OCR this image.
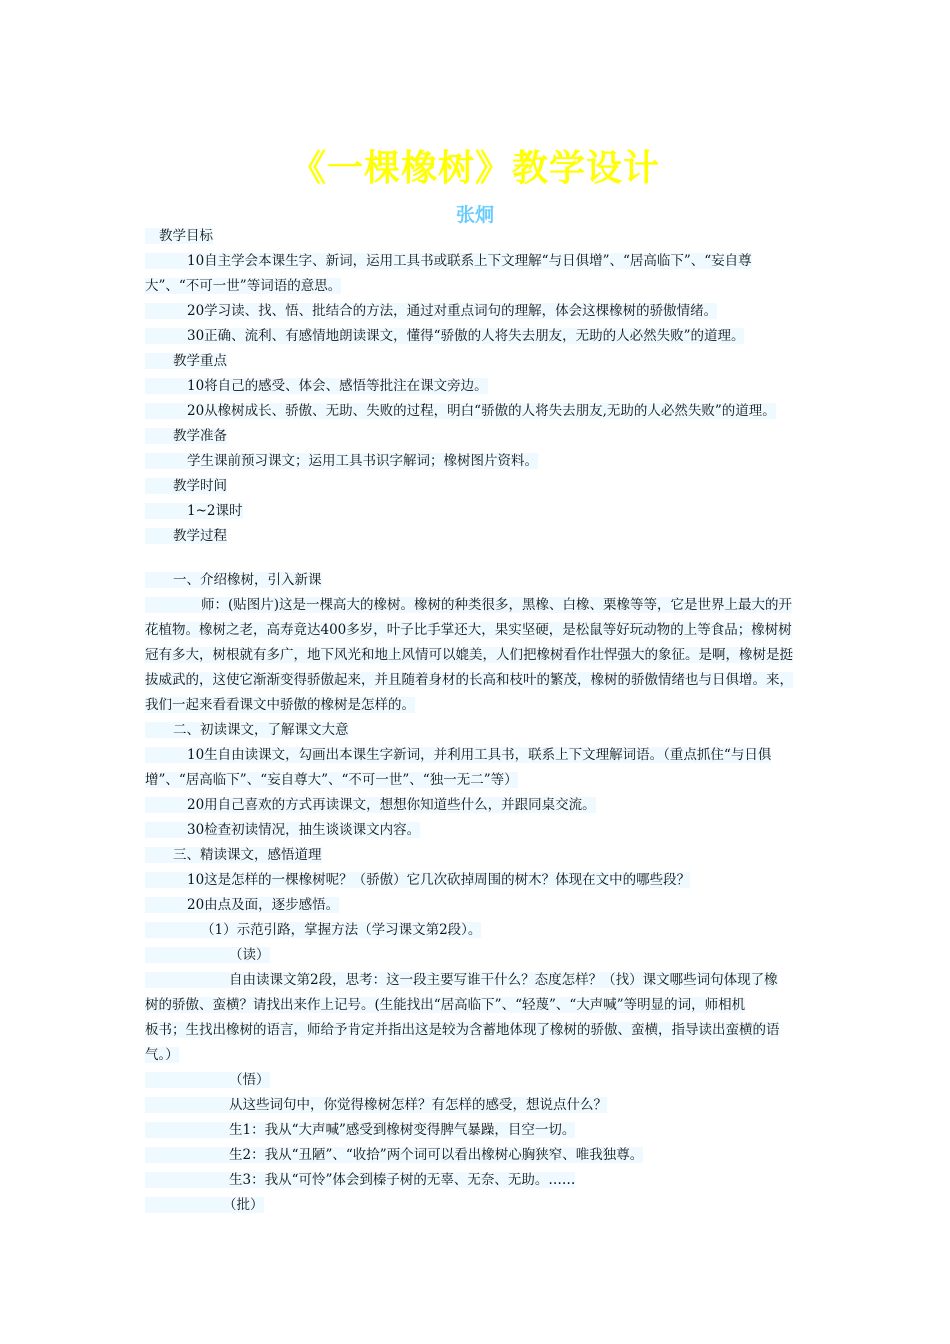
《一棵橡树》教学设计
张炯
教学目标
10自主学会本课生字、新词，运用工具书或联系上下文理解“与日俱增”、“居高临下”、“妄自尊
大”、“不可一世”等词语的意思。
20学习读、找、悟、批结合的方法，通过对重点词句的理解，体会这棵橡树的骄傲情绪。
30正确、流利、有感情地朗读课文，懂得“骄傲的人将失去朋友，无助的人必然失败”的道理。
教学重点
10将自己的感受、体会、感悟等批注在课文旁边。
20从橡树成长、骄傲、无助、失败的过程，明白“骄傲的人将失去朋友,无助的人必然失败”的道理。
教学准备
学生课前预习课文；运用工具书识字解词；橡树图片资料。
教学时间
1~2课时
教学过程
一、介绍橡树，引入新课
师：(贴图片)这是一棵高大的橡树。橡树的种类很多，黑橡、白橡、栗橡等等，它是世界上最大的开
花植物。橡树之老，高寿竟达400多岁，叶子比手掌还大，果实坚硬，是松鼠等好玩动物的上等食品；橡树树
冠有多大，树根就有多广，地下风光和地上风情可以媲美，人们把橡树看作壮悍强大的象征。是啊，橡树是挺
拔威武的，这使它渐渐变得骄傲起来，并且随着身材的长高和枝叶的繁茂，橡树的骄傲情绪也与日俱增。来，
我们一起来看看课文中骄傲的橡树是怎样的。
二、初读课文，了解课文大意
10生自由读课文，勾画出本课生字新词，并利用工具书，联系上下文理解词语。（重点抓住“与日俱
增”、“居高临下”、“妄自尊大”、“不可一世”、“独一无二”等）
20用自己喜欢的方式再读课文，想想你知道些什么，并跟同桌交流。
30检查初读情况，抽生谈谈课文内容。
三、精读课文，感悟道理
10这是怎样的一棵橡树呢？（骄傲）它几次砍掉周围的树木？体现在文中的哪些段？
20由点及面，逐步感悟。
（1）示范引路，掌握方法（学习课文第2段）。
（读）
自由读课文第2段，思考：这一段主要写谁干什么？态度怎样？（找）课文哪些词句体现了橡
树的骄傲、蛮横？请找出来作上记号。(生能找出“居高临下”、“轻蔑”、“大声喊”等明显的词，师相机
板书；生找出橡树的语言，师给予肯定并指出这是较为含蓄地体现了橡树的骄傲、蛮横，指导读出蛮横的语
气。）
（悟）
从这些词句中，你觉得橡树怎样？有怎样的感受，想说点什么？
生1：我从“大声喊”感受到橡树变得脾气暴躁，目空一切。
生2：我从“丑陋”、“收拾”两个词可以看出橡树心胸狭窄、唯我独尊。
生3：我从“可怜”体会到榛子树的无辜、无奈、无助。……
（批）
